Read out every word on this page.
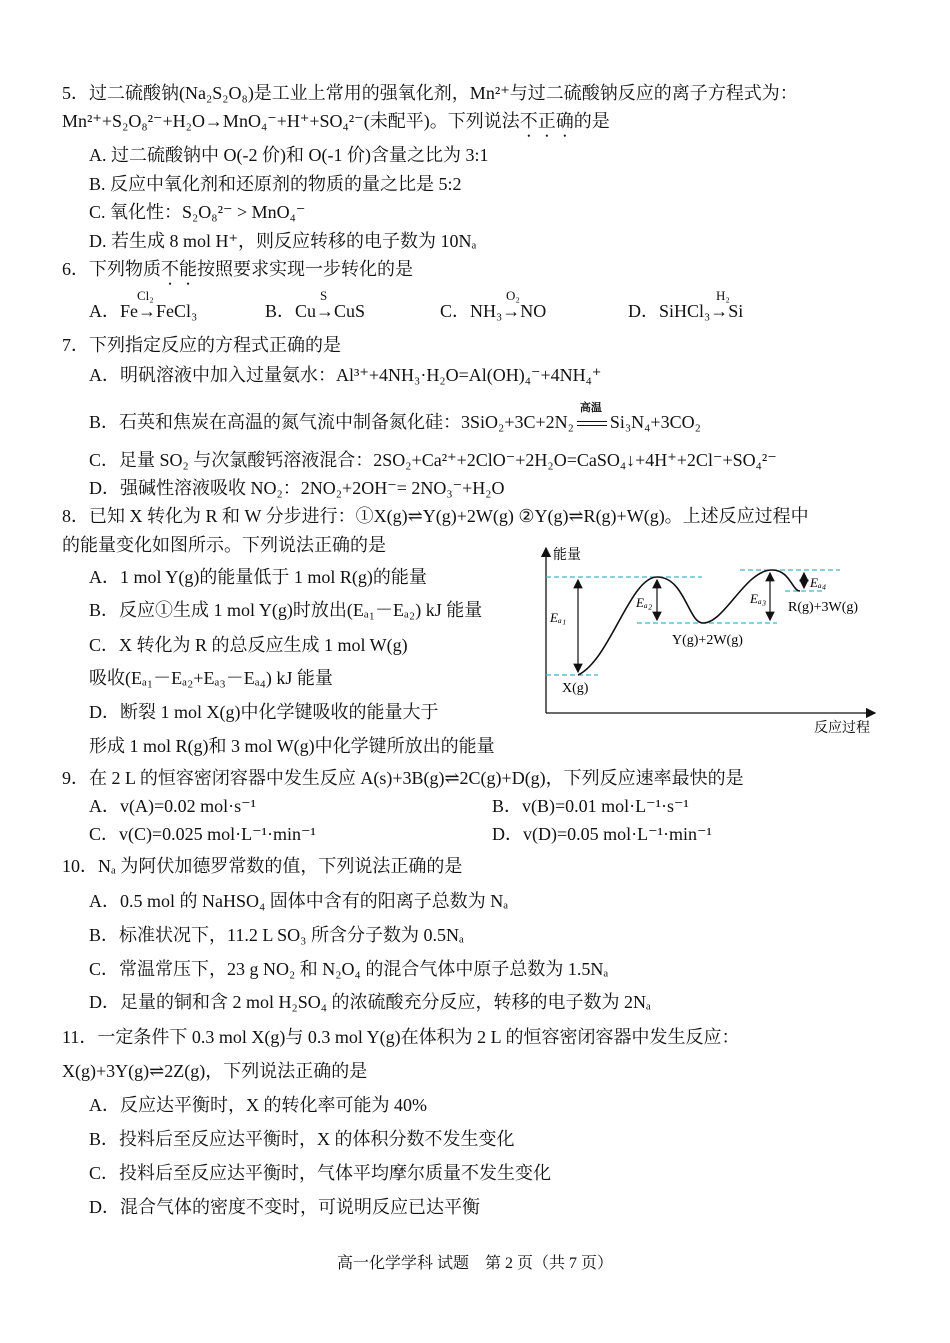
5．过二硫酸钠(Na₂S₂O₈)是工业上常用的强氧化剂，Mn²⁺与过二硫酸钠反应的离子方程式为：
Mn²⁺+S₂O₈²⁻+H₂O→MnO₄⁻+H⁺+SO₄²⁻(未配平)。下列说法不正确的是
A. 过二硫酸钠中 O(-2 价)和 O(-1 价)含量之比为 3:1
B. 反应中氧化剂和还原剂的物质的量之比是 5:2
C. 氧化性：S₂O₈²⁻ > MnO₄⁻
D. 若生成 8 mol H⁺，则反应转移的电子数为 10Nₐ
6．下列物质不能按照要求实现一步转化的是
Cl₂
A．Fe→FeCl₃
S
B．Cu→CuS
O₂
C．NH₃→NO
H₂
D．SiHCl₃→Si
7．下列指定反应的方程式正确的是
A．明矾溶液中加入过量氨水：Al³⁺+4NH₃·H₂O=Al(OH)₄⁻+4NH₄⁺
B．石英和焦炭在高温的氮气流中制备氮化硅：3SiO₂+3C+2N₂
高温
Si₃N₄+3CO₂
C．足量 SO₂ 与次氯酸钙溶液混合：2SO₂+Ca²⁺+2ClO⁻+2H₂O=CaSO₄↓+4H⁺+2Cl⁻+SO₄²⁻
D．强碱性溶液吸收 NO₂：2NO₂+2OH⁻= 2NO₃⁻+H₂O
8．已知 X 转化为 R 和 W 分步进行：①X(g)⇌Y(g)+2W(g) ②Y(g)⇌R(g)+W(g)。上述反应过程中
的能量变化如图所示。下列说法正确的是
A．1 mol Y(g)的能量低于 1 mol R(g)的能量
B．反应①生成 1 mol Y(g)时放出(Eₐ₁－Eₐ₂) kJ 能量
C．X 转化为 R 的总反应生成 1 mol W(g)
吸收(Eₐ₁－Eₐ₂+Eₐ₃－Eₐ₄) kJ 能量
D．断裂 1 mol X(g)中化学键吸收的能量大于
形成 1 mol R(g)和 3 mol W(g)中化学键所放出的能量
能量
反应过程
X(g)
Y(g)+2W(g)
R(g)+3W(g)
Eₐ₁
Eₐ₂	Eₐ₃
Eₐ₄
9．在 2 L 的恒容密闭容器中发生反应 A(s)+3B(g)⇌2C(g)+D(g)，下列反应速率最快的是
A．v(A)=0.02 mol·s⁻¹	B．v(B)=0.01 mol·L⁻¹·s⁻¹
C．v(C)=0.025 mol·L⁻¹·min⁻¹	D．v(D)=0.05 mol·L⁻¹·min⁻¹
10．Nₐ 为阿伏加德罗常数的值，下列说法正确的是
A．0.5 mol 的 NaHSO₄ 固体中含有的阳离子总数为 Nₐ
B．标准状况下，11.2 L SO₃ 所含分子数为 0.5Nₐ
C．常温常压下，23 g NO₂ 和 N₂O₄ 的混合气体中原子总数为 1.5Nₐ
D．足量的铜和含 2 mol H₂SO₄ 的浓硫酸充分反应，转移的电子数为 2Nₐ
11．一定条件下 0.3 mol X(g)与 0.3 mol Y(g)在体积为 2 L 的恒容密闭容器中发生反应：
X(g)+3Y(g)⇌2Z(g)，下列说法正确的是
A．反应达平衡时，X 的转化率可能为 40%
B．投料后至反应达平衡时，X 的体积分数不发生变化
C．投料后至反应达平衡时，气体平均摩尔质量不发生变化
D．混合气体的密度不变时，可说明反应已达平衡
高一化学学科 试题　第 2 页（共 7 页）
